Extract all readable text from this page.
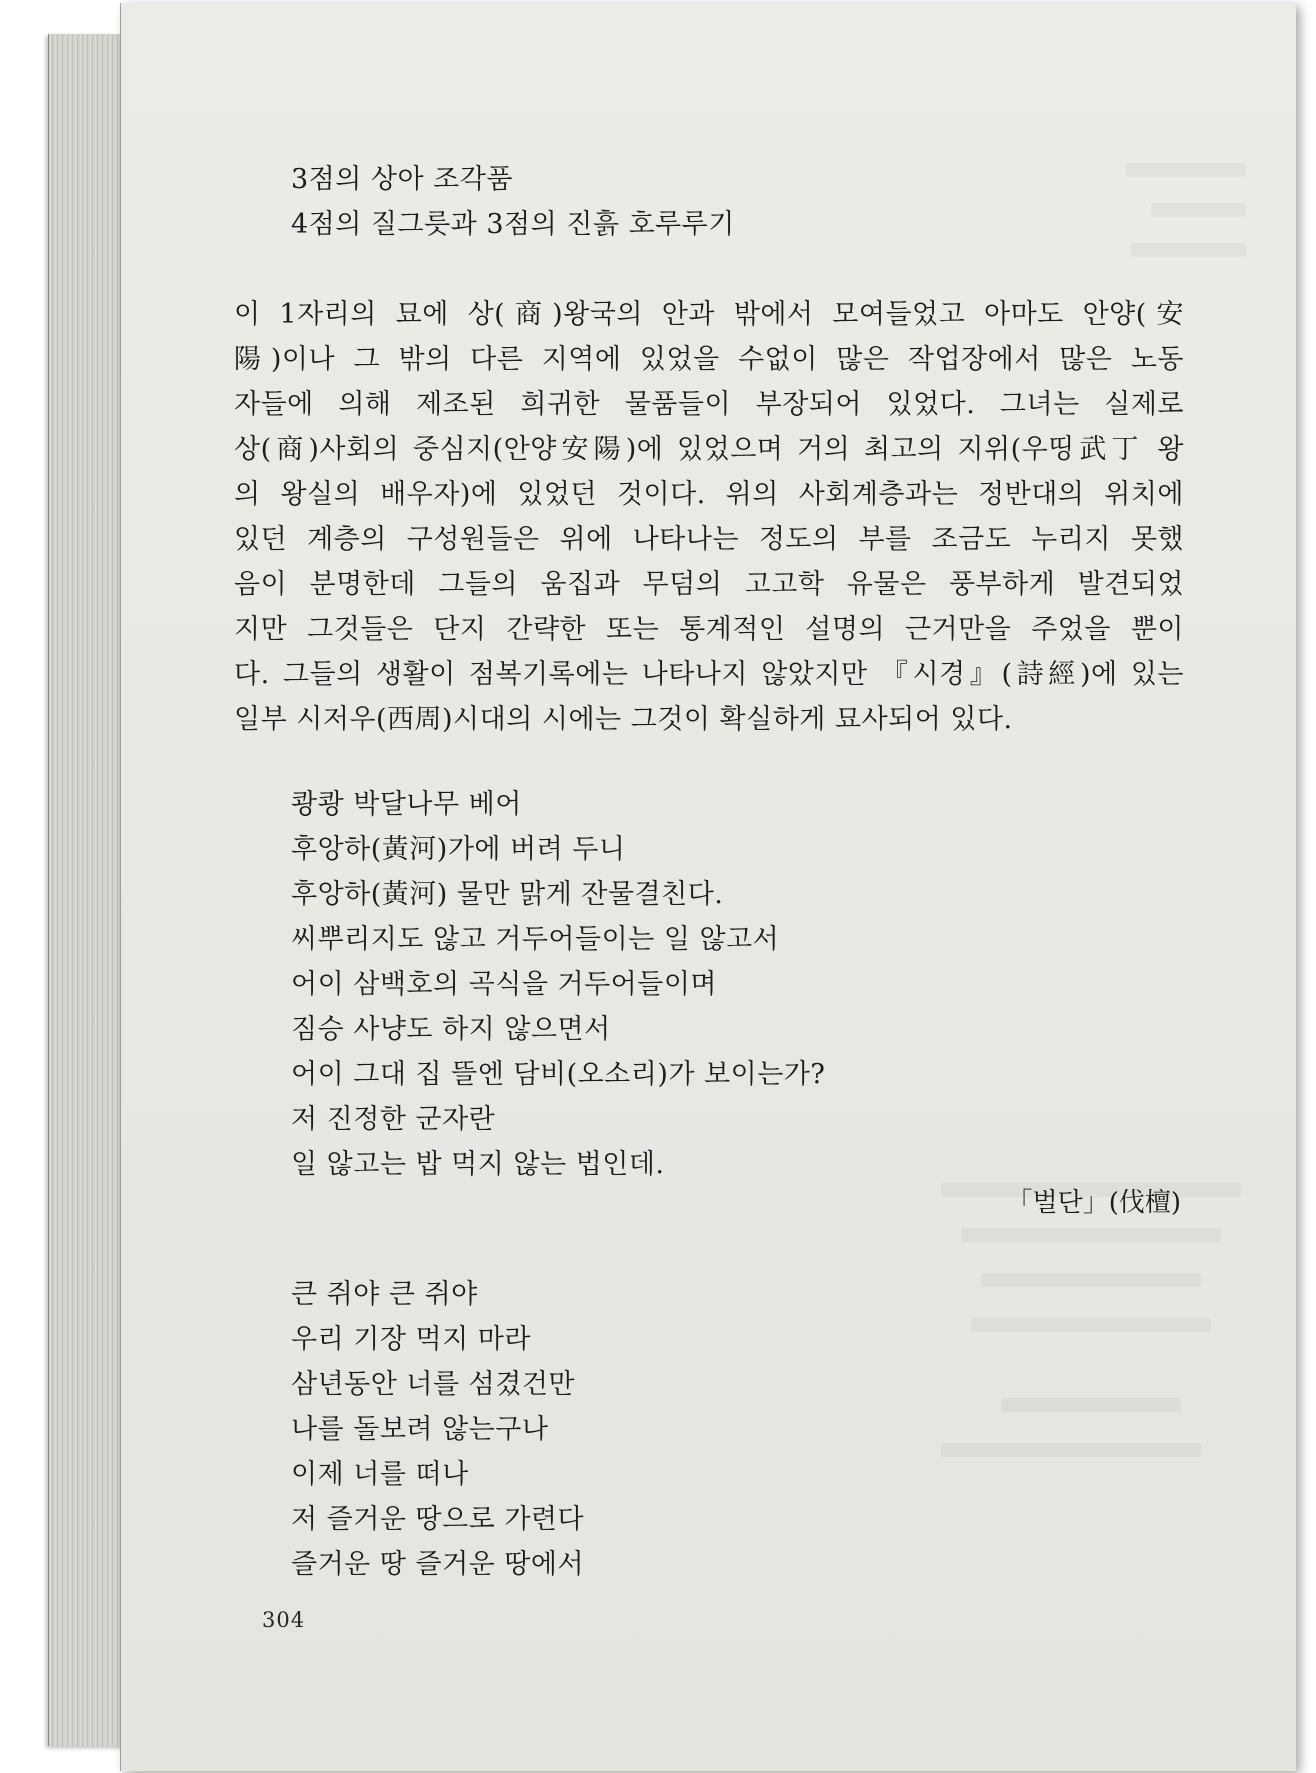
3점의 상아 조각품
4점의 질그릇과 3점의 진흙 호루루기
이 1자리의 묘에 상(商)왕국의 안과 밖에서 모여들었고 아마도 안양(安
陽)이나 그 밖의 다른 지역에 있었을 수없이 많은 작업장에서 많은 노동
자들에 의해 제조된 희귀한 물품들이 부장되어 있었다. 그녀는 실제로
상(商)사회의 중심지(안양安陽)에 있었으며 거의 최고의 지위(우띵武丁 왕
의 왕실의 배우자)에 있었던 것이다. 위의 사회계층과는 정반대의 위치에
있던 계층의 구성원들은 위에 나타나는 정도의 부를 조금도 누리지 못했
음이 분명한데 그들의 움집과 무덤의 고고학 유물은 풍부하게 발견되었
지만 그것들은 단지 간략한 또는 통계적인 설명의 근거만을 주었을 뿐이
다. 그들의 생활이 점복기록에는 나타나지 않았지만 『시경』(詩經)에 있는
일부 시저우(西周)시대의 시에는 그것이 확실하게 묘사되어 있다.
쾅쾅 박달나무 베어
후앙하(黃河)가에 버려 두니
후앙하(黃河) 물만 맑게 잔물결친다.
씨뿌리지도 않고 거두어들이는 일 않고서
어이 삼백호의 곡식을 거두어들이며
짐승 사냥도 하지 않으면서
어이 그대 집 뜰엔 담비(오소리)가 보이는가?
저 진정한 군자란
일 않고는 밥 먹지 않는 법인데.
「벌단」(伐檀)
큰 쥐야 큰 쥐야
우리 기장 먹지 마라
삼년동안 너를 섬겼건만
나를 돌보려 않는구나
이제 너를 떠나
저 즐거운 땅으로 가련다
즐거운 땅 즐거운 땅에서
304
